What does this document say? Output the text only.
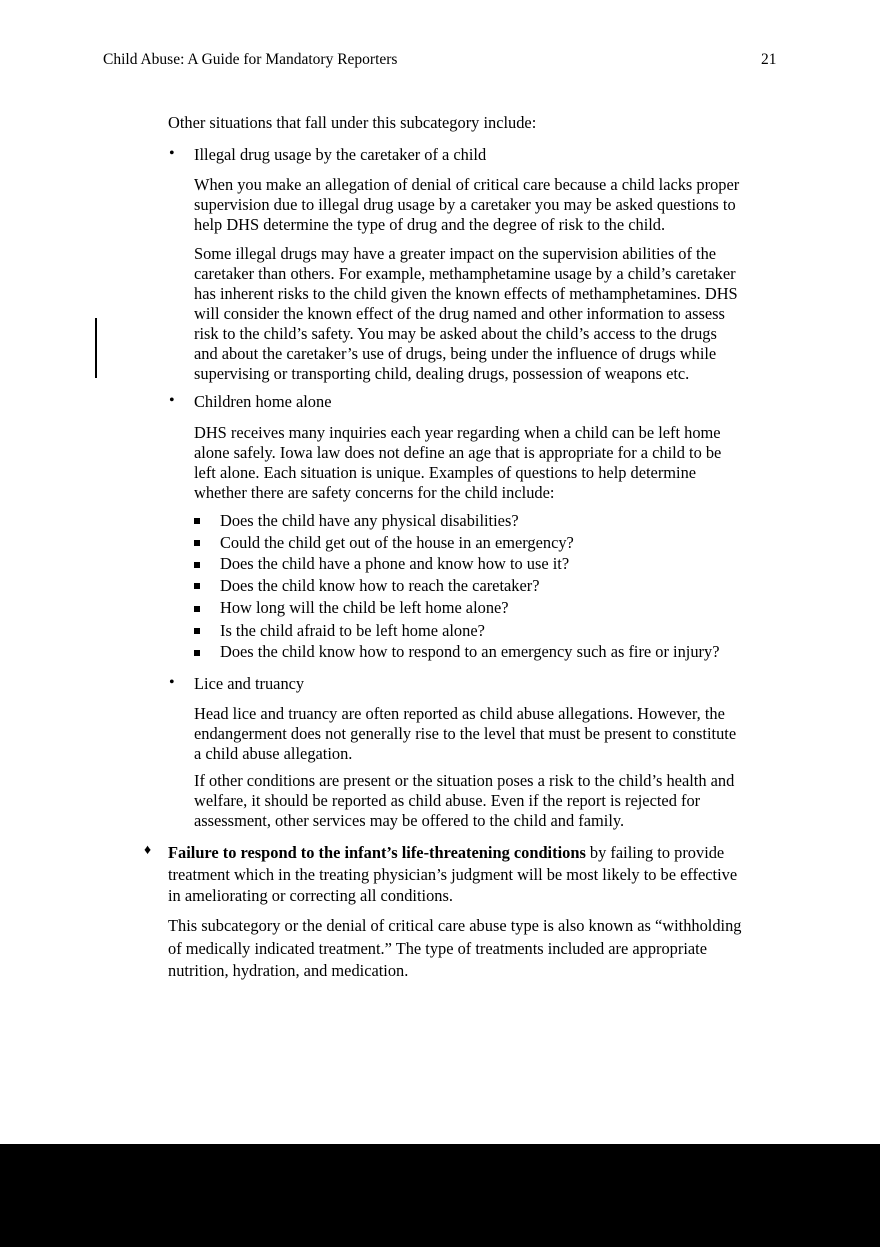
Child Abuse: A Guide for Mandatory Reporters	21
Other situations that fall under this subcategory include:
• Illegal drug usage by the caretaker of a child
When you make an allegation of denial of critical care because a child lacks proper
supervision due to illegal drug usage by a caretaker you may be asked questions to
help DHS determine the type of drug and the degree of risk to the child.
Some illegal drugs may have a greater impact on the supervision abilities of the
caretaker than others. For example, methamphetamine usage by a child’s caretaker
has inherent risks to the child given the known effects of methamphetamines. DHS
will consider the known effect of the drug named and other information to assess
risk to the child’s safety. You may be asked about the child’s access to the drugs
and about the caretaker’s use of drugs, being under the influence of drugs while
supervising or transporting child, dealing drugs, possession of weapons etc.
• Children home alone
DHS receives many inquiries each year regarding when a child can be left home
alone safely. Iowa law does not define an age that is appropriate for a child to be
left alone. Each situation is unique. Examples of questions to help determine
whether there are safety concerns for the child include:
Does the child have any physical disabilities?
Could the child get out of the house in an emergency?
Does the child have a phone and know how to use it?
Does the child know how to reach the caretaker?
How long will the child be left home alone?
Is the child afraid to be left home alone?
Does the child know how to respond to an emergency such as fire or injury?
• Lice and truancy
Head lice and truancy are often reported as child abuse allegations. However, the
endangerment does not generally rise to the level that must be present to constitute
a child abuse allegation.
If other conditions are present or the situation poses a risk to the child’s health and
welfare, it should be reported as child abuse. Even if the report is rejected for
assessment, other services may be offered to the child and family.
♦ Failure to respond to the infant’s life-threatening conditions by failing to provide
treatment which in the treating physician’s judgment will be most likely to be effective
in ameliorating or correcting all conditions.
This subcategory or the denial of critical care abuse type is also known as “withholding
of medically indicated treatment.” The type of treatments included are appropriate
nutrition, hydration, and medication.
